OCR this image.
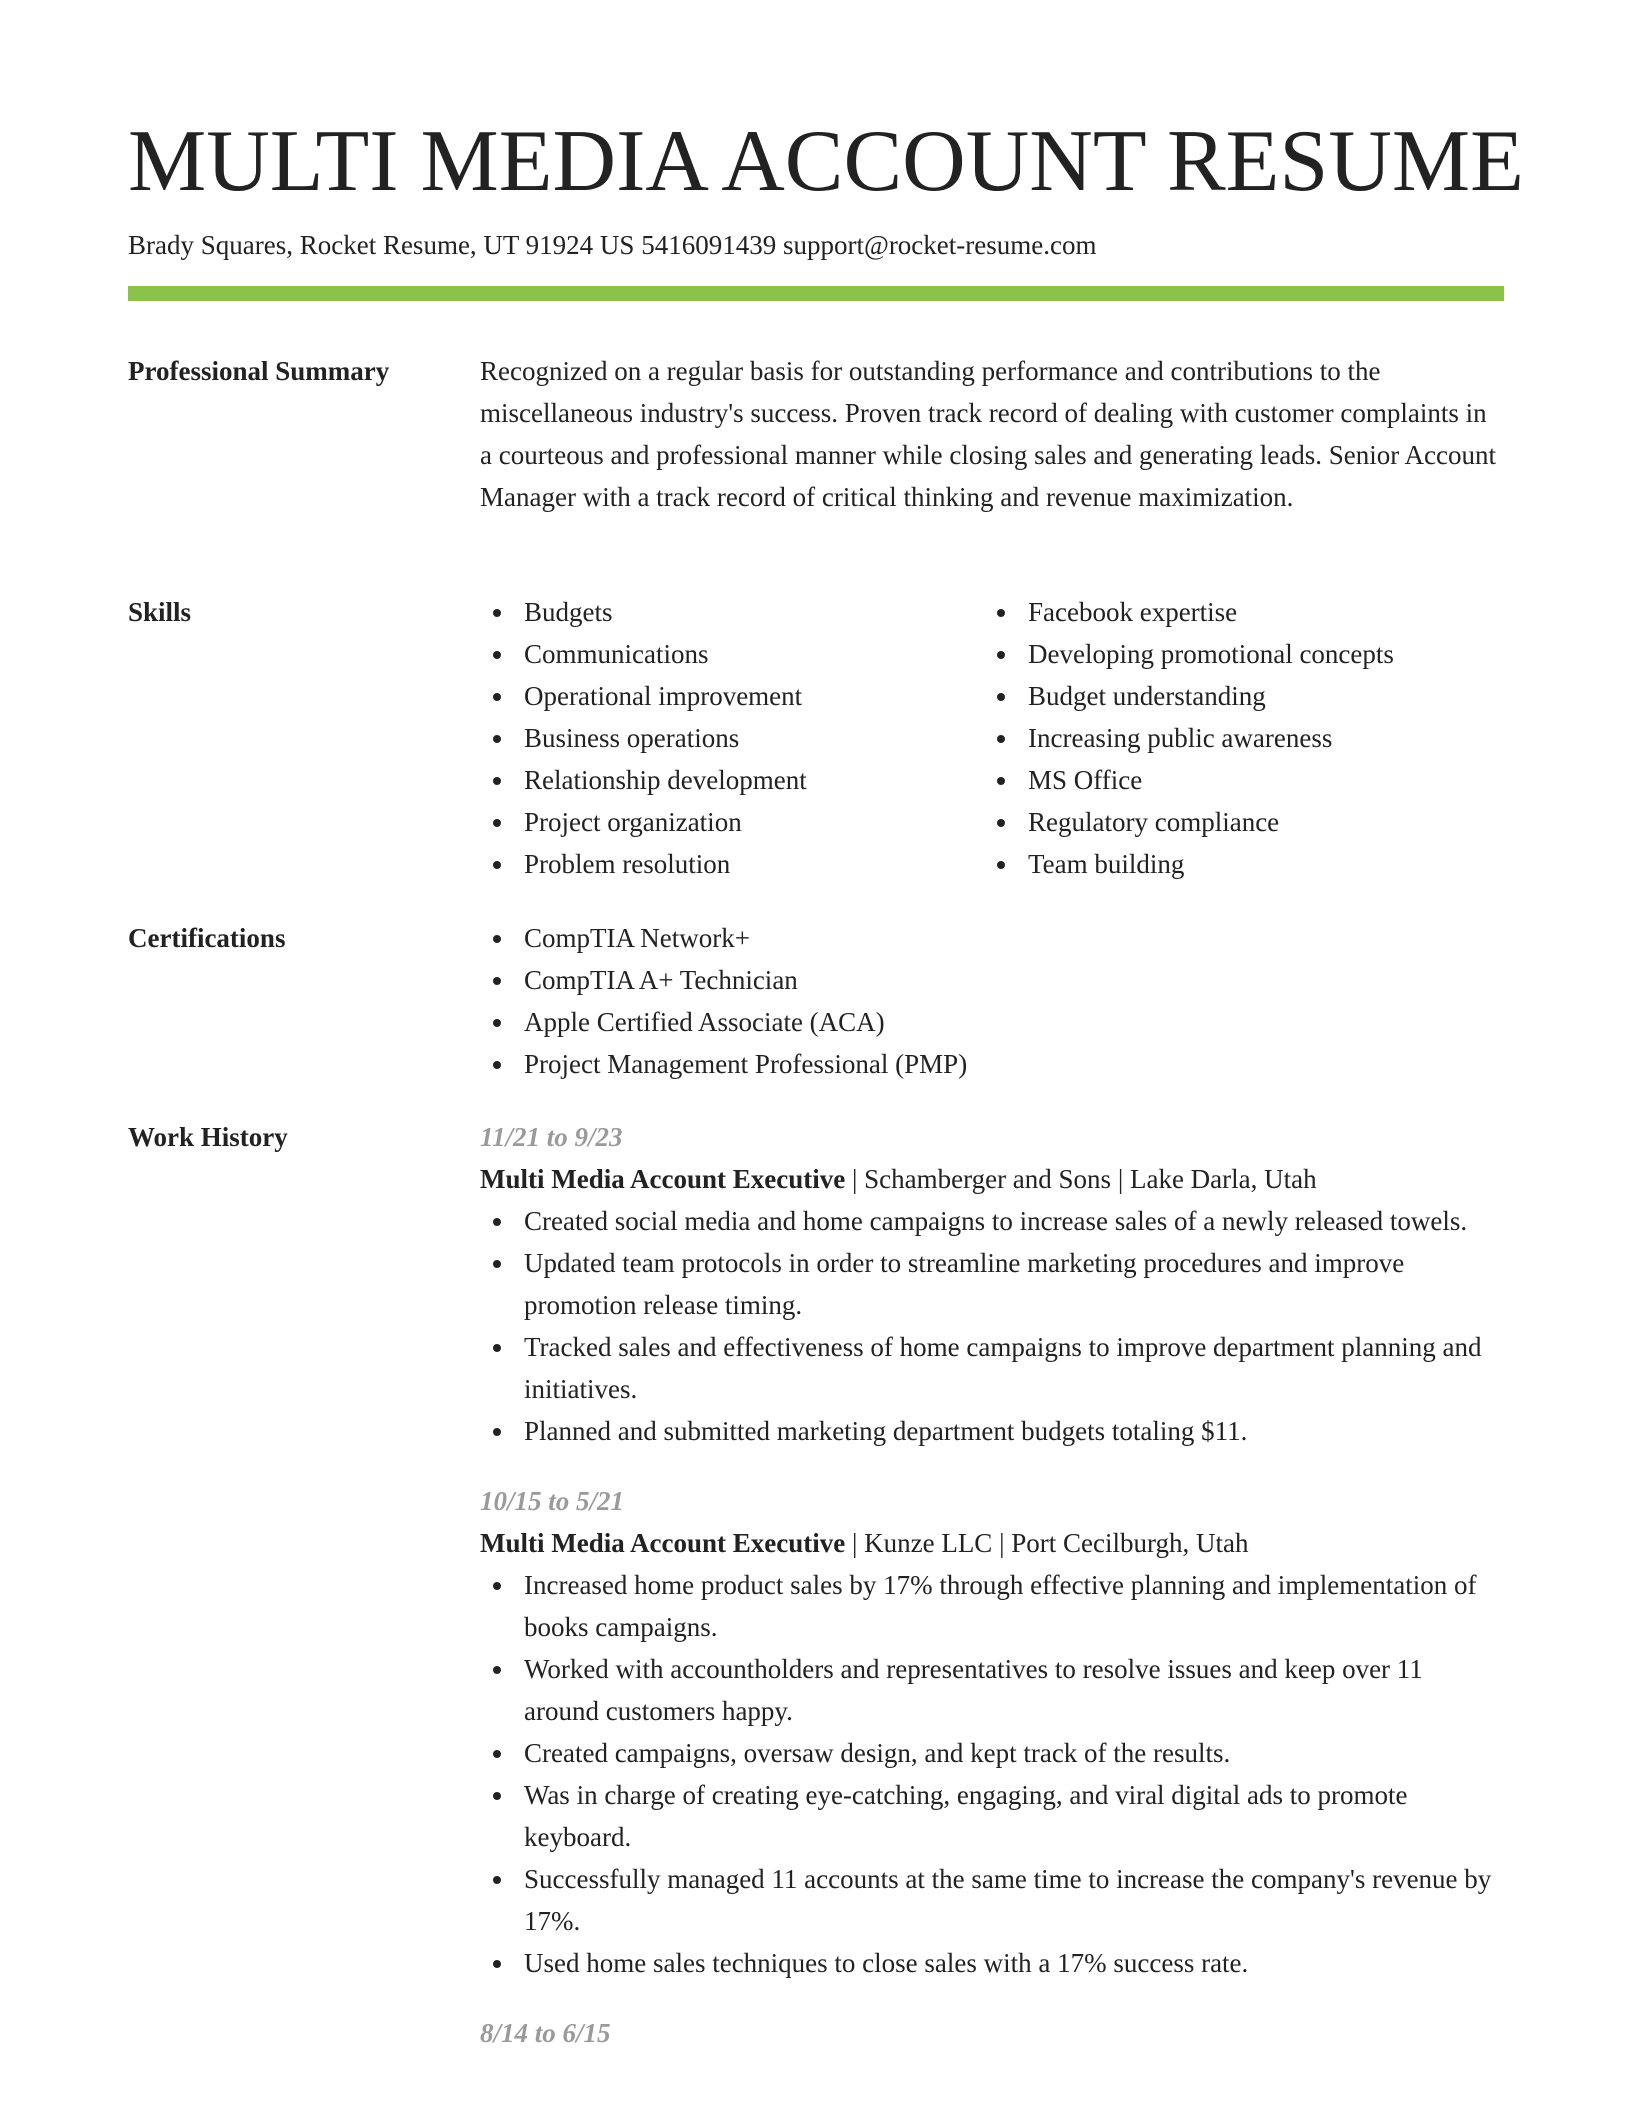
MULTI MEDIA ACCOUNT RESUME
Brady Squares, Rocket Resume, UT 91924 US 5416091439 support@rocket-resume.com
Professional Summary	Recognized on a regular basis for outstanding performance and contributions to the miscellaneous industry's success. Proven track record of dealing with customer complaints in a courteous and professional manner while closing sales and generating leads. Senior Account Manager with a track record of critical thinking and revenue maximization.

Skills	Budgets
Communications
Operational improvement
Business operations
Relationship development
Project organization
Problem resolution
Facebook expertise
Developing promotional concepts
Budget understanding
Increasing public awareness
MS Office
Regulatory compliance
Team building
Certifications	CompTIA Network+
CompTIA A+ Technician
Apple Certified Associate (ACA)
Project Management Professional (PMP)
Work History	11/21 to 9/23

Multi Media Account Executive | Schamberger and Sons | Lake Darla, Utah

Created social media and home campaigns to increase sales of a newly released towels.
Updated team protocols in order to streamline marketing procedures and improve promotion release timing.
Tracked sales and effectiveness of home campaigns to improve department planning and initiatives.
Planned and submitted marketing department budgets totaling $11.

10/15 to 5/21

Multi Media Account Executive | Kunze LLC | Port Cecilburgh, Utah

Increased home product sales by 17% through effective planning and implementation of books campaigns.
Worked with accountholders and representatives to resolve issues and keep over 11 around customers happy.
Created campaigns, oversaw design, and kept track of the results.
Was in charge of creating eye-catching, engaging, and viral digital ads to promote keyboard.
Successfully managed 11 accounts at the same time to increase the company's revenue by 17%.
Used home sales techniques to close sales with a 17% success rate.

8/14 to 6/15
